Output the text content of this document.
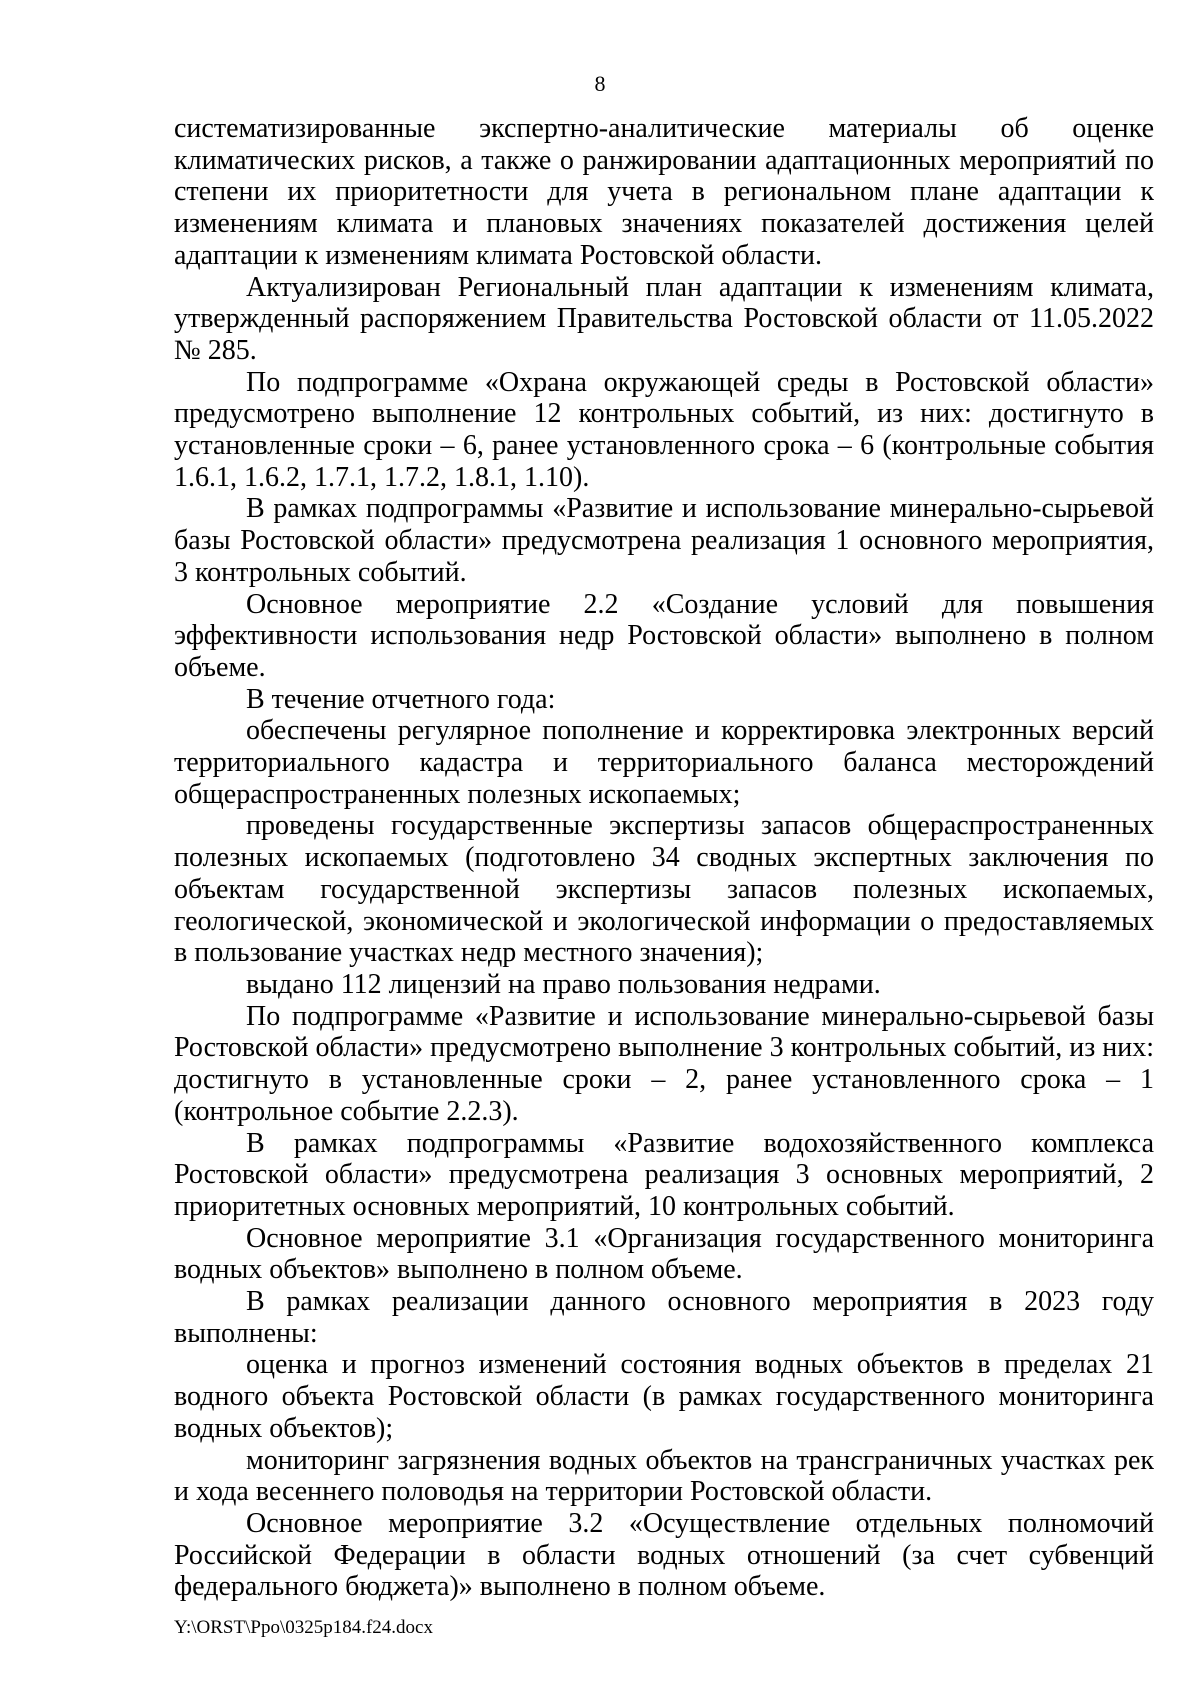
8

систематизированные экспертно-аналитические материалы об оценке климатических рисков, а также о ранжировании адаптационных мероприятий по степени их приоритетности для учета в региональном плане адаптации к изменениям климата и плановых значениях показателей достижения целей адаптации к изменениям климата Ростовской области.

Актуализирован Региональный план адаптации к изменениям климата, утвержденный распоряжением Правительства Ростовской области от 11.05.2022 № 285.

По подпрограмме «Охрана окружающей среды в Ростовской области» предусмотрено выполнение 12 контрольных событий, из них: достигнуто в установленные сроки – 6, ранее установленного срока – 6 (контрольные события 1.6.1, 1.6.2, 1.7.1, 1.7.2, 1.8.1, 1.10).

В рамках подпрограммы «Развитие и использование минерально-сырьевой базы Ростовской области» предусмотрена реализация 1 основного мероприятия, 3 контрольных событий.

Основное мероприятие 2.2 «Создание условий для повышения эффективности использования недр Ростовской области» выполнено в полном объеме.

В течение отчетного года:

обеспечены регулярное пополнение и корректировка электронных версий территориального кадастра и территориального баланса месторождений общераспространенных полезных ископаемых;

проведены государственные экспертизы запасов общераспространенных полезных ископаемых (подготовлено 34 сводных экспертных заключения по объектам государственной экспертизы запасов полезных ископаемых, геологической, экономической и экологической информации о предоставляемых в пользование участках недр местного значения);

выдано 112 лицензий на право пользования недрами.

По подпрограмме «Развитие и использование минерально-сырьевой базы Ростовской области» предусмотрено выполнение 3 контрольных событий, из них: достигнуто в установленные сроки – 2, ранее установленного срока – 1 (контрольное событие 2.2.3).

В рамках подпрограммы «Развитие водохозяйственного комплекса Ростовской области» предусмотрена реализация 3 основных мероприятий, 2 приоритетных основных мероприятий, 10 контрольных событий.

Основное мероприятие 3.1 «Организация государственного мониторинга водных объектов» выполнено в полном объеме.

В рамках реализации данного основного мероприятия в 2023 году выполнены:

оценка и прогноз изменений состояния водных объектов в пределах 21 водного объекта Ростовской области (в рамках государственного мониторинга водных объектов);

мониторинг загрязнения водных объектов на трансграничных участках рек и хода весеннего половодья на территории Ростовской области.

Основное мероприятие 3.2 «Осуществление отдельных полномочий Российской Федерации в области водных отношений (за счет субвенций федерального бюджета)» выполнено в полном объеме.

Y:\ORST\Ppo\0325p184.f24.docx
